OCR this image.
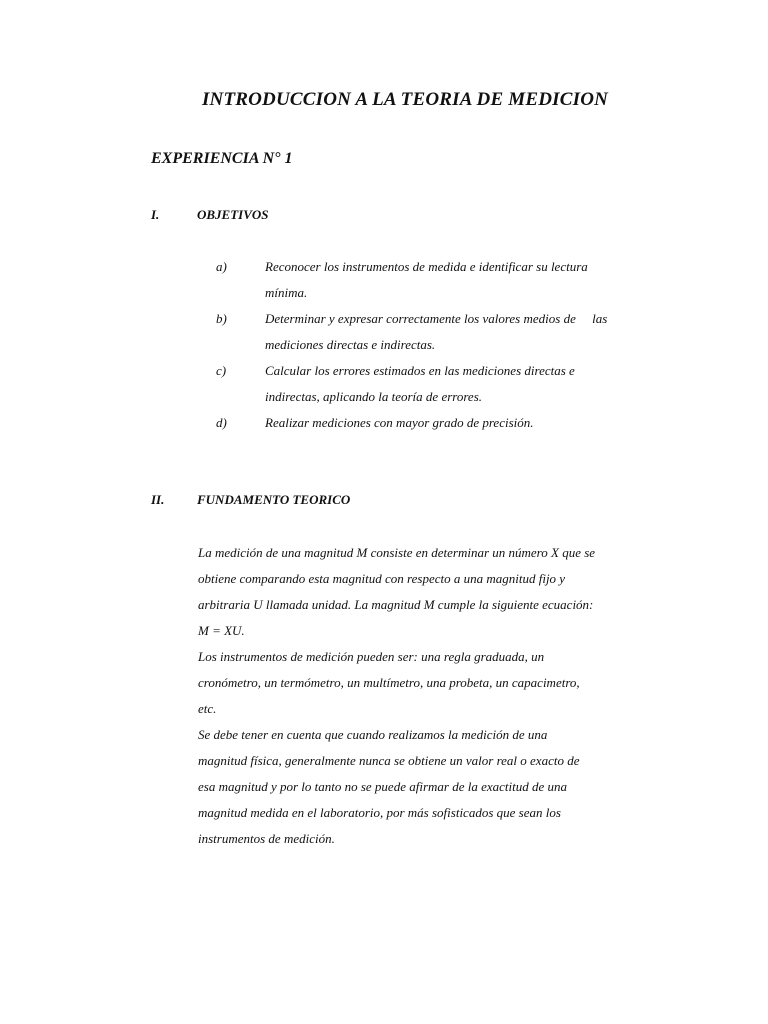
INTRODUCCION A LA TEORIA DE MEDICION
EXPERIENCIA N° 1
I.	OBJETIVOS
a)	Reconocer los instrumentos de medida e identificar su lectura
mínima.
b)	Determinar y expresar correctamente los valores medios de     las
mediciones directas e indirectas.
c)	Calcular los errores estimados en las mediciones directas e
indirectas, aplicando la teoría de errores.
d)	Realizar mediciones con mayor grado de precisión.
II.	FUNDAMENTO TEORICO
La medición de una magnitud M consiste en determinar un número X que se
obtiene comparando esta magnitud con respecto a una magnitud fijo y
arbitraria U llamada unidad. La magnitud M cumple la siguiente ecuación:
M = XU.
Los instrumentos de medición pueden ser: una regla graduada, un
cronómetro, un termómetro, un multímetro, una probeta, un capacimetro,
etc.
Se debe tener en cuenta que cuando realizamos la medición de una
magnitud física, generalmente nunca se obtiene un valor real o exacto de
esa magnitud y por lo tanto no se puede afirmar de la exactitud de una
magnitud medida en el laboratorio, por más sofisticados que sean los
instrumentos de medición.
